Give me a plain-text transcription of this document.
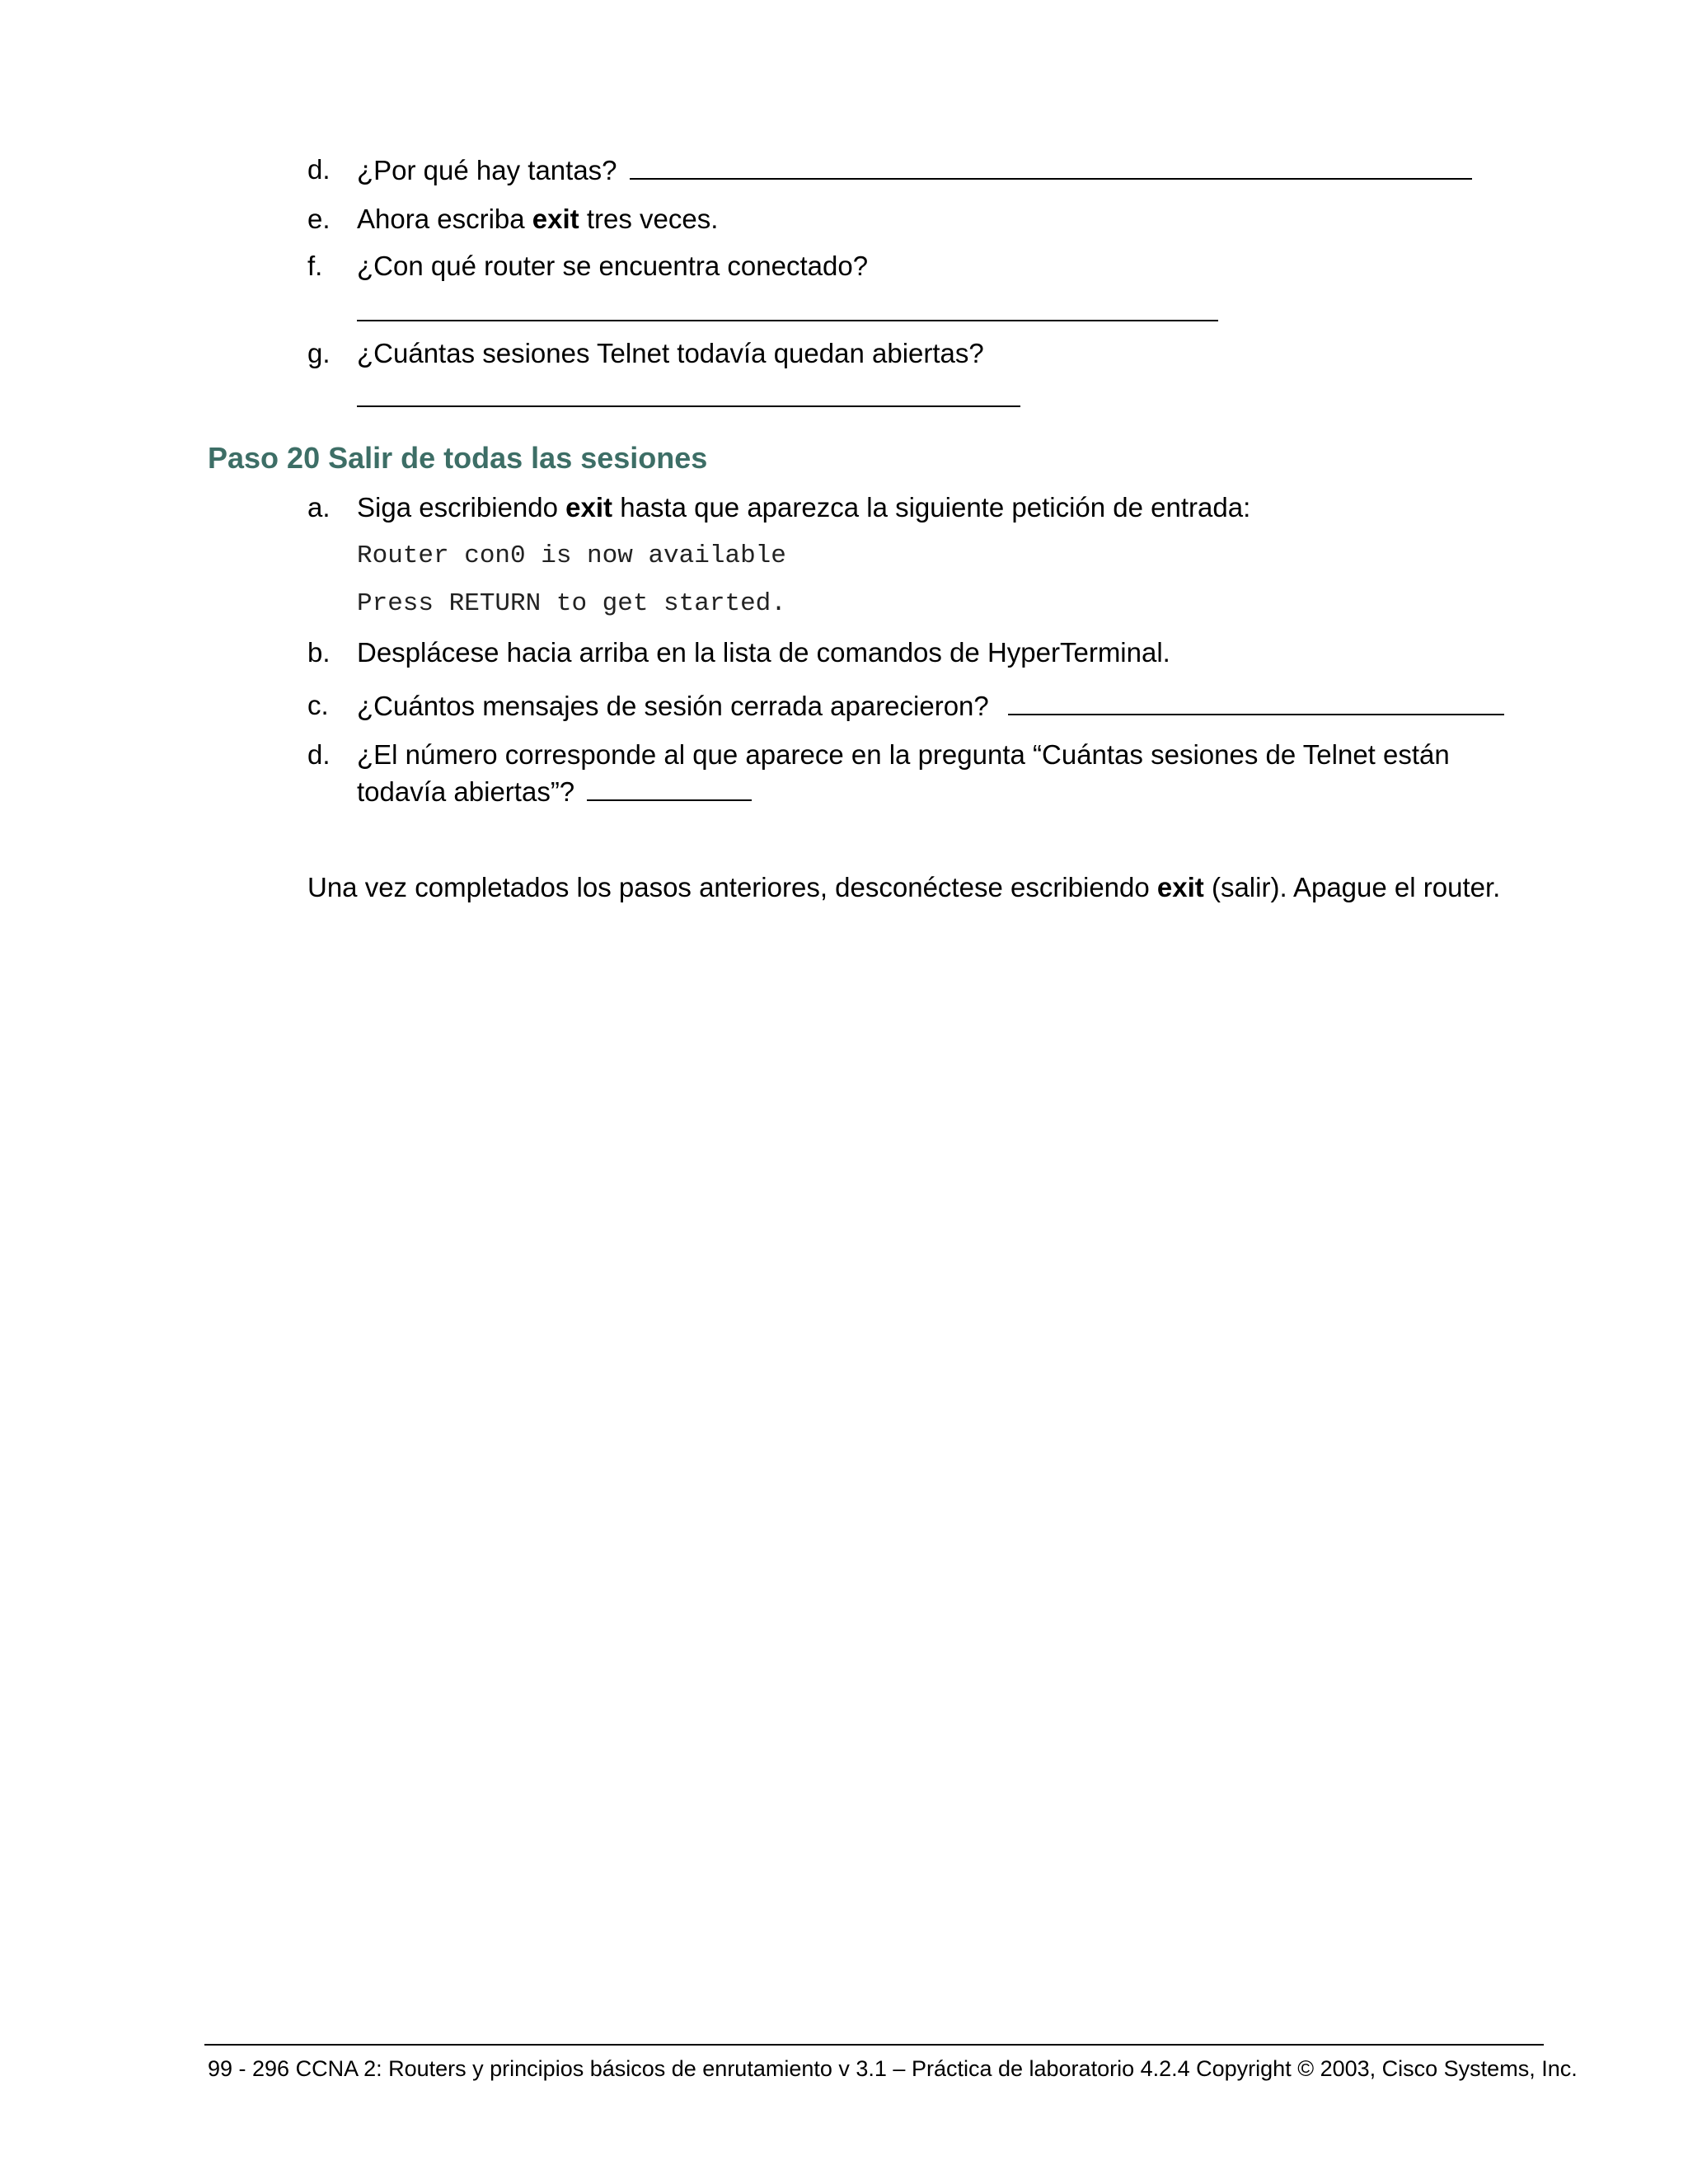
d. ¿Por qué hay tantas?
e. Ahora escriba exit tres veces.
f. ¿Con qué router se encuentra conectado?
g. ¿Cuántas sesiones Telnet todavía quedan abiertas?
Paso 20 Salir de todas las sesiones
a. Siga escribiendo exit hasta que aparezca la siguiente petición de entrada:
Router con0 is now available
Press RETURN to get started.
b. Desplácese hacia arriba en la lista de comandos de HyperTerminal.
c. ¿Cuántos mensajes de sesión cerrada aparecieron?
d. ¿El número corresponde al que aparece en la pregunta “Cuántas sesiones de Telnet están
todavía abiertas”?
Una vez completados los pasos anteriores, desconéctese escribiendo exit (salir). Apague el router.
99 - 296 CCNA 2: Routers y principios básicos de enrutamiento v 3.1 – Práctica de laboratorio 4.2.4 Copyright © 2003, Cisco Systems, Inc.
